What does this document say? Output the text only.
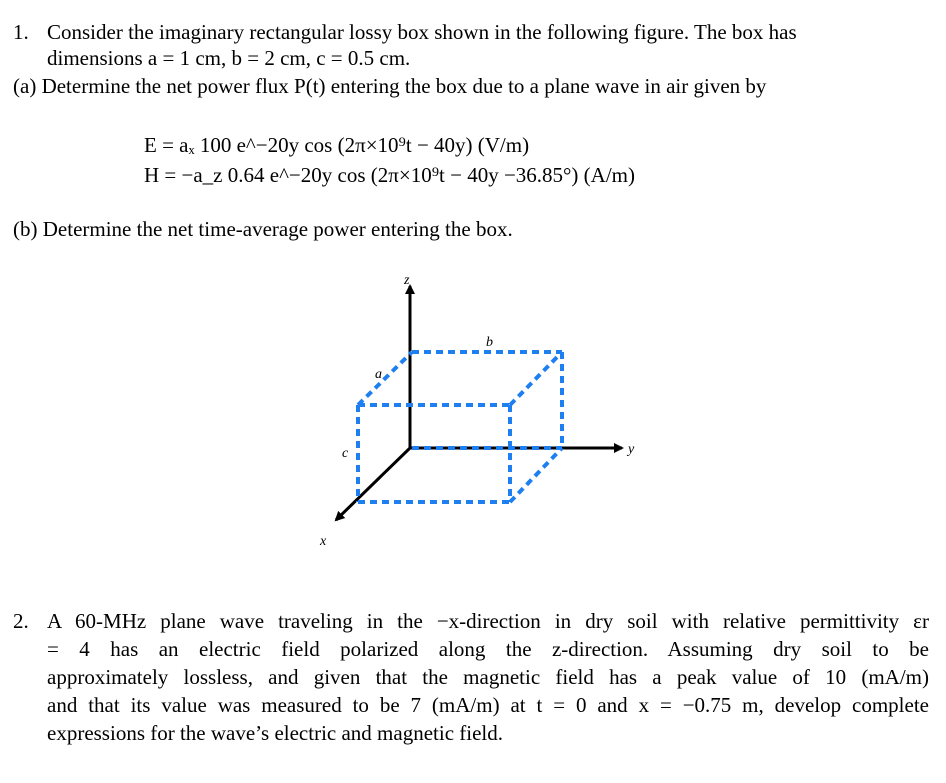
1. Consider the imaginary rectangular lossy box shown in the following figure. The box has
dimensions a = 1 cm, b = 2 cm, c = 0.5 cm.
(a) Determine the net power flux P(t) entering the box due to a plane wave in air given by
E = aₓ 100 e^−20y cos (2π×10⁹t − 40y) (V/m)
H = −a_z 0.64 e^−20y cos (2π×10⁹t − 40y −36.85°) (A/m)
(b) Determine the net time-average power entering the box.
z
y
x
a
b
c
2. A 60-MHz plane wave traveling in the −x-direction in dry soil with relative permittivity εr
= 4 has an electric field polarized along the z-direction. Assuming dry soil to be
approximately lossless, and given that the magnetic field has a peak value of 10 (mA/m)
and that its value was measured to be 7 (mA/m) at t = 0 and x = −0.75 m, develop complete
expressions for the wave’s electric and magnetic field.
